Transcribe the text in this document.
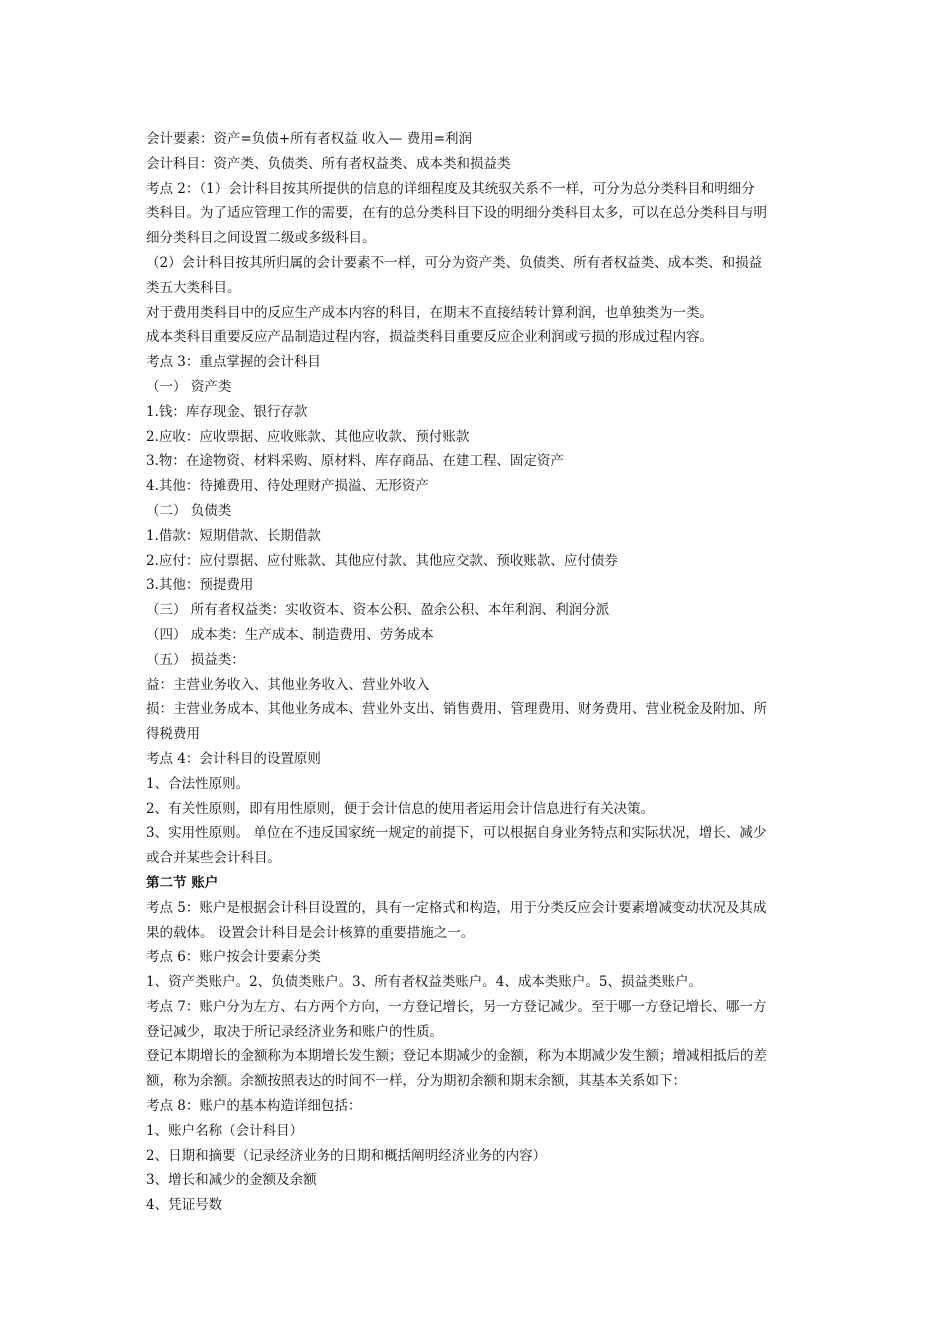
会计要素：资产=负债+所有者权益 收入— 费用=利润
会计科目：资产类、负债类、所有者权益类、成本类和损益类
考点 2：（1）会计科目按其所提供的信息的详细程度及其统驭关系不一样，可分为总分类科目和明细分
类科目。为了适应管理工作的需要，在有的总分类科目下设的明细分类科目太多，可以在总分类科目与明
细分类科目之间设置二级或多级科目。
（2）会计科目按其所归属的会计要素不一样，可分为资产类、负债类、所有者权益类、成本类、和损益
类五大类科目。
对于费用类科目中的反应生产成本内容的科目，在期末不直接结转计算利润，也单独类为一类。
成本类科目重要反应产品制造过程内容，损益类科目重要反应企业利润或亏损的形成过程内容。
考点 3：重点掌握的会计科目
（一） 资产类
1.钱：库存现金、银行存款
2.应收：应收票据、应收账款、其他应收款、预付账款
3.物：在途物资、材料采购、原材料、库存商品、在建工程、固定资产
4.其他：待摊费用、待处理财产损溢、无形资产
（二） 负债类
1.借款：短期借款、长期借款
2.应付：应付票据、应付账款、其他应付款、其他应交款、预收账款、应付债券
3.其他：预提费用
（三） 所有者权益类：实收资本、资本公积、盈余公积、本年利润、利润分派
（四） 成本类：生产成本、制造费用、劳务成本
（五） 损益类：
益：主营业务收入、其他业务收入、营业外收入
损：主营业务成本、其他业务成本、营业外支出、销售费用、管理费用、财务费用、营业税金及附加、所
得税费用
考点 4：会计科目的设置原则
1、合法性原则。
2、有关性原则，即有用性原则，便于会计信息的使用者运用会计信息进行有关决策。
3、实用性原则。 单位在不违反国家统一规定的前提下，可以根据自身业务特点和实际状况，增长、减少
或合并某些会计科目。
第二节 账户
考点 5：账户是根据会计科目设置的，具有一定格式和构造，用于分类反应会计要素增减变动状况及其成
果的载体。 设置会计科目是会计核算的重要措施之一。
考点 6：账户按会计要素分类
1、资产类账户。2、负债类账户。3、所有者权益类账户。4、成本类账户。5、损益类账户。
考点 7：账户分为左方、右方两个方向，一方登记增长，另一方登记减少。至于哪一方登记增长、哪一方
登记减少，取决于所记录经济业务和账户的性质。
登记本期增长的金额称为本期增长发生额；登记本期减少的金额，称为本期减少发生额；增减相抵后的差
额，称为余额。余额按照表达的时间不一样，分为期初余额和期末余额，其基本关系如下：
考点 8：账户的基本构造详细包括：
1、账户名称（会计科目）
2、日期和摘要（记录经济业务的日期和概括阐明经济业务的内容）
3、增长和减少的金额及余额
4、凭证号数
